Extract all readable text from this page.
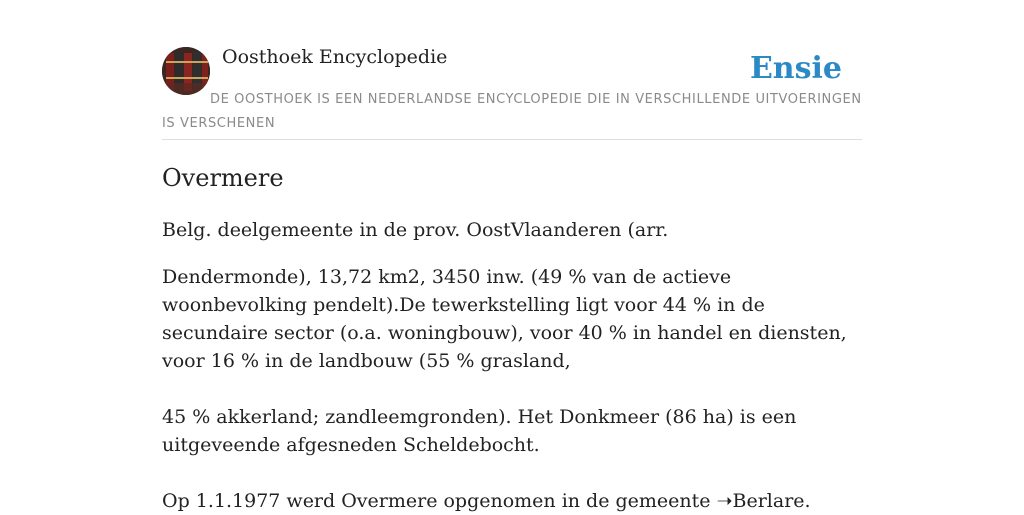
Oosthoek Encyclopedie	Ensie
DE OOSTHOEK IS EEN NEDERLANDSE ENCYCLOPEDIE DIE IN VERSCHILLENDE UITVOERINGEN IS VERSCHENEN
Overmere

Belg. deelgemeente in de prov. OostVlaanderen (arr.

Dendermonde), 13,72 km2, 3450 inw. (49 % van de actieve woonbevolking pendelt).De tewerkstelling ligt voor 44 % in de secundaire sector (o.a. woningbouw), voor 40 % in handel en diensten, voor 16 % in de landbouw (55 % grasland,

45 % akkerland; zandleemgronden). Het Donkmeer (86 ha) is een uitgeveende afgesneden Scheldebocht.

Op 1.1.1977 werd Overmere opgenomen in de gemeente ➝Berlare.
